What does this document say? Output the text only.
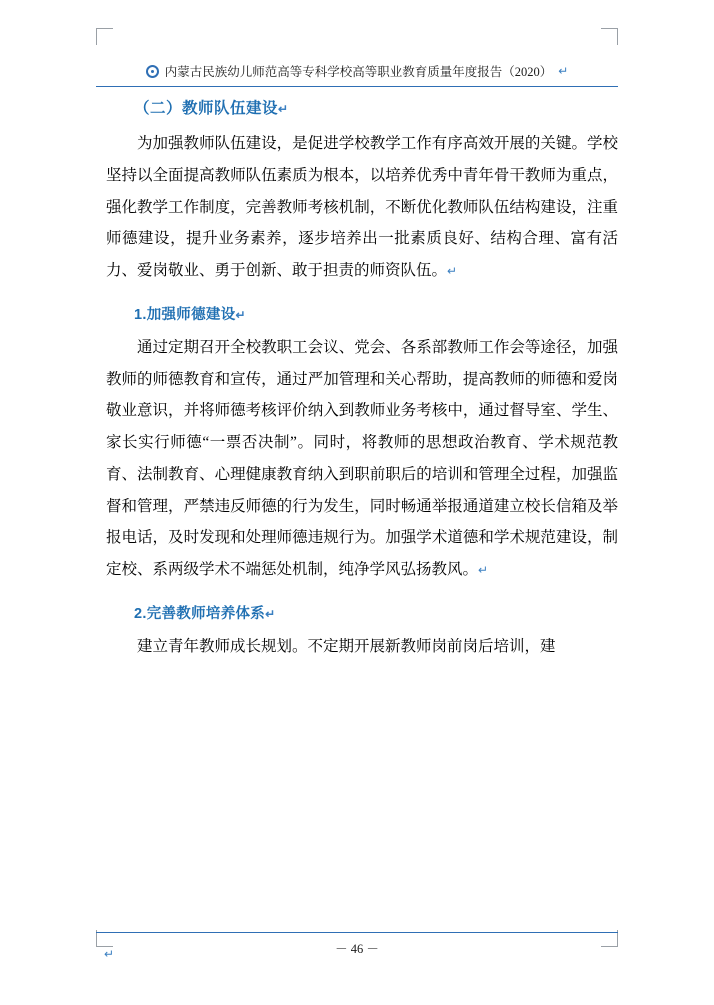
内蒙古民族幼儿师范高等专科学校高等职业教育质量年度报告（2020） ↵
（二）教师队伍建设↵

为加强教师队伍建设，是促进学校教学工作有序高效开展的关键。学校坚持以全面提高教师队伍素质为根本，以培养优秀中青年骨干教师为重点，强化教学工作制度，完善教师考核机制，不断优化教师队伍结构建设，注重师德建设，提升业务素养，逐步培养出一批素质良好、结构合理、富有活力、爱岗敬业、勇于创新、敢于担责的师资队伍。↵

1.加强师德建设↵

通过定期召开全校教职工会议、党会、各系部教师工作会等途径，加强教师的师德教育和宣传，通过严加管理和关心帮助，提高教师的师德和爱岗敬业意识，并将师德考核评价纳入到教师业务考核中，通过督导室、学生、家长实行师德“一票否决制”。同时，将教师的思想政治教育、学术规范教育、法制教育、心理健康教育纳入到职前职后的培训和管理全过程，加强监督和管理，严禁违反师德的行为发生，同时畅通举报通道建立校长信箱及举报电话，及时发现和处理师德违规行为。加强学术道德和学术规范建设，制定校、系两级学术不端惩处机制，纯净学风弘扬教风。↵

2.完善教师培养体系↵

建立青年教师成长规划。不定期开展新教师岗前岗后培训，建

－ 46 －
↵
